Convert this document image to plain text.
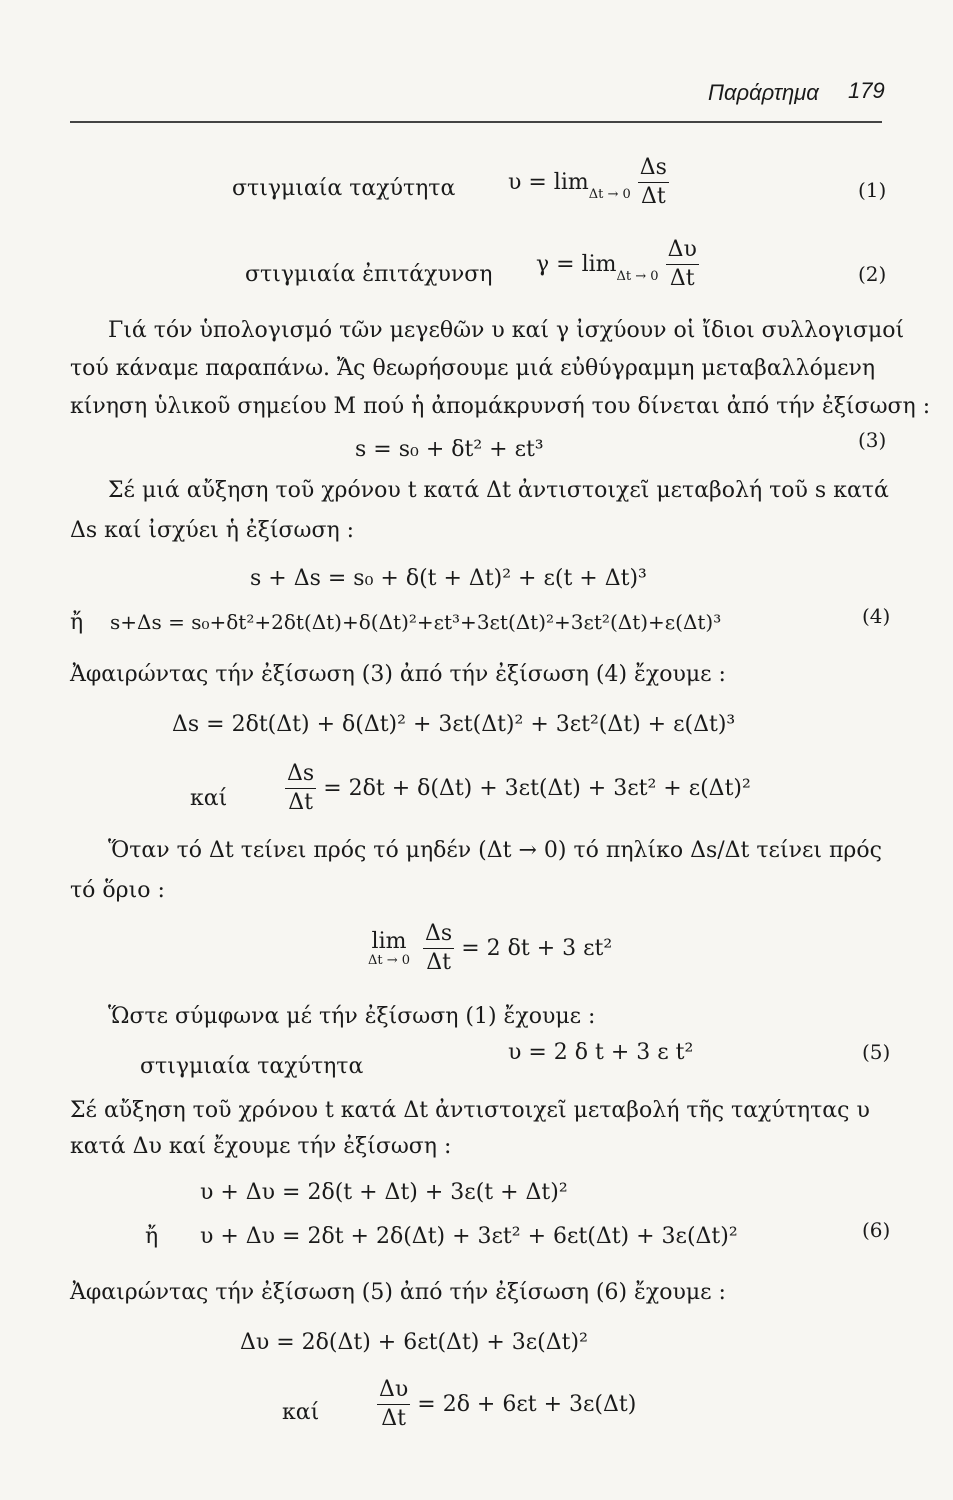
Παράρτημα 179
στιγμιαία ταχύτητα υ = lim
Δt → 0
$\frac{\Delta s}{\Delta t}$	(1)
στιγμιαία ἐπιτάχυνση γ = lim
Δt → 0
$\frac{\Delta\upsilon}{\Delta t}$	(2)
Γιά τόν ὑπολογισμό τῶν μεγεθῶν υ καί γ ἰσχύουν οἱ ἴδιοι συλλογισμοί
τού κάναμε παραπάνω. Ἄς θεωρήσουμε μιά εὐθύγραμμη μεταβαλλόμενη
κίνηση ὑλικοῦ σημείου Μ πού ἡ ἀπομάκρυνσή του δίνεται ἀπό τήν ἐξίσωση :
s = s₀ + δt² + εt³	(3)
Σέ μιά αὔξηση τοῦ χρόνου t κατά Δt ἀντιστοιχεῖ μεταβολή τοῦ s κατά
Δs καί ἰσχύει ἡ ἐξίσωση :
s + Δs = s₀ + δ(t + Δt)² + ε(t + Δt)³
ἤ s+Δs = s₀+δt²+2δt(Δt)+δ(Δt)²+εt³+3εt(Δt)²+3εt²(Δt)+ε(Δt)³	(4)
Ἀφαιρώντας τήν ἐξίσωση (3) ἀπό τήν ἐξίσωση (4) ἔχουμε :
Δs = 2δt(Δt) + δ(Δt)² + 3εt(Δt)² + 3εt²(Δt) + ε(Δt)³
καί	$\frac{\Delta s}{\Delta t} = 2\delta t + \delta(\Delta t) + 3\varepsilon t(\Delta t) + 3\varepsilon t^2 + \varepsilon(\Delta t)^2$
Ὅταν τό Δt τείνει πρός τό μηδέν (Δt → 0) τό πηλίκο Δs/Δt τείνει πρός
τό ὅριο :
lim
Δt → 0
$\frac{\Delta s}{\Delta t} = 2$ δt + 3 εt²
Ὥστε σύμφωνα μέ τήν ἐξίσωση (1) ἔχουμε :
στιγμιαία ταχύτητα
υ = 2 δ t + 3 ε t²	(5)
Σέ αὔξηση τοῦ χρόνου t κατά Δt ἀντιστοιχεῖ μεταβολή τῆς ταχύτητας υ
κατά Δυ καί ἔχουμε τήν ἐξίσωση :
υ + Δυ = 2δ(t + Δt) + 3ε(t + Δt)²
ἤ υ + Δυ = 2δt + 2δ(Δt) + 3εt² + 6εt(Δt) + 3ε(Δt)²	(6)
Ἀφαιρώντας τήν ἐξίσωση (5) ἀπό τήν ἐξίσωση (6) ἔχουμε :
Δυ = 2δ(Δt) + 6εt(Δt) + 3ε(Δt)²
καί	$\frac{\Delta\upsilon}{\Delta t} = 2\delta + 6\varepsilon t + 3\varepsilon(\Delta t)$
